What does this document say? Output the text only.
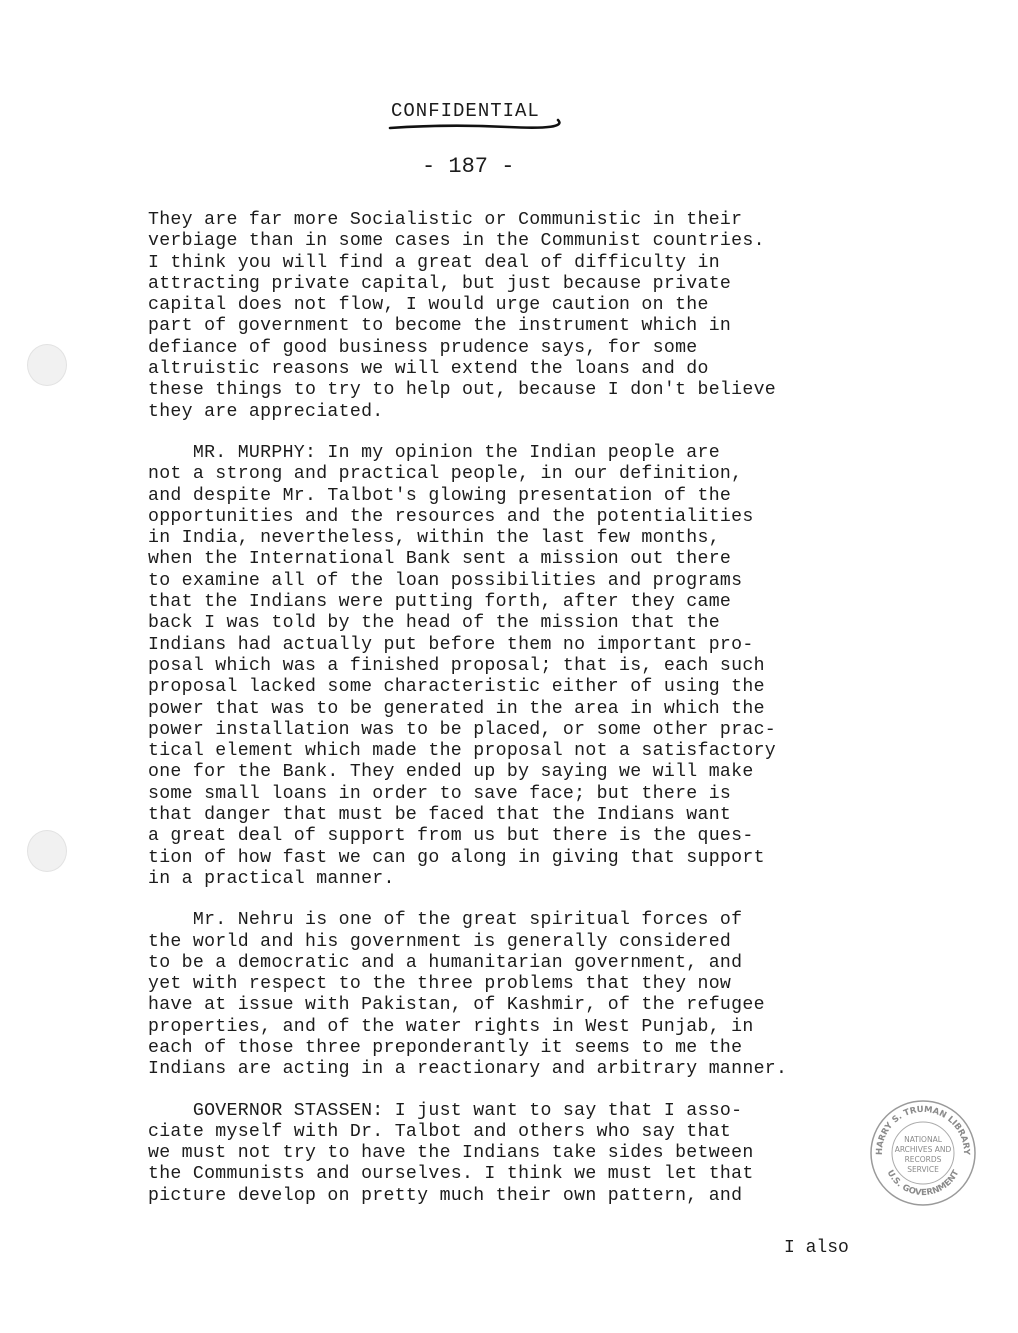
CONFIDENTIAL
- 187 -
They are far more Socialistic or Communistic in their
verbiage than in some cases in the Communist countries.
I think you will find a great deal of difficulty in
attracting private capital, but just because private
capital does not flow, I would urge caution on the
part of government to become the instrument which in
defiance of good business prudence says, for some
altruistic reasons we will extend the loans and do
these things to try to help out, because I don't believe
they are appreciated.
MR. MURPHY: In my opinion the Indian people are
not a strong and practical people, in our definition,
and despite Mr. Talbot's glowing presentation of the
opportunities and the resources and the potentialities
in India, nevertheless, within the last few months,
when the International Bank sent a mission out there
to examine all of the loan possibilities and programs
that the Indians were putting forth, after they came
back I was told by the head of the mission that the
Indians had actually put before them no important pro-
posal which was a finished proposal; that is, each such
proposal lacked some characteristic either of using the
power that was to be generated in the area in which the
power installation was to be placed, or some other prac-
tical element which made the proposal not a satisfactory
one for the Bank. They ended up by saying we will make
some small loans in order to save face; but there is
that danger that must be faced that the Indians want
a great deal of support from us but there is the ques-
tion of how fast we can go along in giving that support
in a practical manner.
Mr. Nehru is one of the great spiritual forces of
the world and his government is generally considered
to be a democratic and a humanitarian government, and
yet with respect to the three problems that they now
have at issue with Pakistan, of Kashmir, of the refugee
properties, and of the water rights in West Punjab, in
each of those three preponderantly it seems to me the
Indians are acting in a reactionary and arbitrary manner.
GOVERNOR STASSEN: I just want to say that I asso-
ciate myself with Dr. Talbot and others who say that
we must not try to have the Indians take sides between
the Communists and ourselves. I think we must let that
picture develop on pretty much their own pattern, and
I also
HARRY S. TRUMAN LIBRARY
U.S. GOVERNMENT
NATIONAL
ARCHIVES AND
RECORDS
SERVICE
